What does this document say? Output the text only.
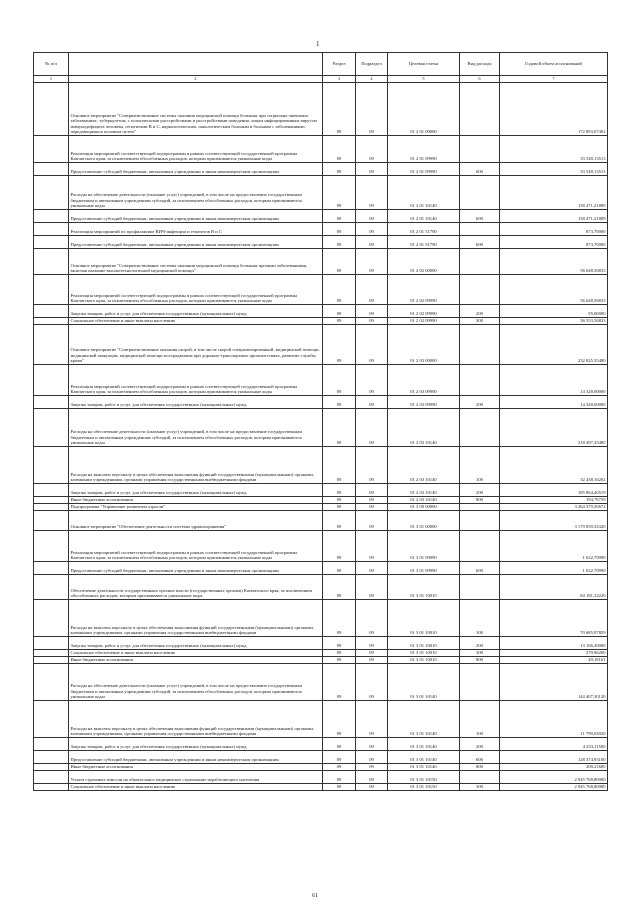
1
№ п/п		Раздел	Подраздел	Целевая статья	Вид расхода	Годовой объем ассигнований
1	2	3	4	5	6	7
	Основное мероприятие "Совершенствование системы оказания медицинской помощи больным при социально-значимых заболеваниях: туберкулезом, с психическими расстройствами и расстройствами поведения, лицам инфицированным вирусом иммунодефицита человека, гепатитами В и С, наркологическим, онкологическим больным и больным с заболеваниями, передающимися половым путем"	09	09	01 2 01 00000		172 893,07402
	Реализация мероприятий соответствующей подпрограммы в рамках соответствующей государственной программы Камчатского края, за исключением обособленных расходов, которым присваиваются уникальные коды	09	09	01 2 01 09990		33 548,13513
	Предоставление субсидий бюджетным, автономным учреждениям и иным некоммерческим организациям	09	09	01 2 01 09990	600	33 548,13513
	Расходы на обеспечение деятельности (оказание услуг) учреждений, в том числе на предоставление государственным бюджетным и автономным учреждениям субсидий, за исключением обособленных расходов, которым присваиваются уникальные коды	09	09	01 2 01 10140		158 471,21889
	Предоставление субсидий бюджетным, автономным учреждениям и иным некоммерческим организациям	09	09	01 2 01 10140	600	158 471,21889
	Реализация мероприятий по профилактике ВИЧ-инфекции и гепатитов В и С	09	09	01 2 01 51790		873,70000
	Предоставление субсидий бюджетным, автономным учреждениям и иным некоммерческим организациям	09	09	01 2 01 51790	600	873,70000
	Основное мероприятие "Совершенствование системы оказания медицинской помощи больным прочими заболеваниями, включая оказание высокотехнологичной медицинской помощи"	09	09	01 2 02 00000		56 648,56833
	Реализация мероприятий соответствующей подпрограммы в рамках соответствующей государственной программы Камчатского края, за исключением обособленных расходов, которым присваиваются уникальные коды	09	09	01 2 02 09990		56 648,56833
	Закупка товаров, работ и услуг для обеспечения государственных (муниципальных) нужд	09	09	01 2 02 09990	200	95,00000
	Социальное обеспечение и иные выплаты населению	09	09	01 2 02 09990	300	56 553,56833
	Основное мероприятие "Совершенствование оказания скорой, в том числе скорой специализированной, медицинской помощи, медицинской эвакуации, медицинской помощи пострадавшим при дорожно-транспортных происшествиях, развитие службы крови"	09	09	01 2 03 00000		232 825,35480
	Реализация мероприятий соответствующей подпрограммы в рамках соответствующей государственной программы Камчатского края, за исключением обособленных расходов, которым присваиваются уникальные коды	09	09	01 2 03 09990		14 328,00000
	Закупка товаров, работ и услуг для обеспечения государственных (муниципальных) нужд	09	09	01 2 03 09990	200	14 328,00000
	Расходы на обеспечение деятельности (оказание услуг) учреждений, в том числе на предоставление государственным бюджетным и автономным учреждениям субсидий, за исключением обособленных расходов, которым присваиваются уникальные коды	09	09	01 2 03 10140		218 497,35480
	Расходы на выплаты персоналу в целях обеспечения выполнения функций государственными (муниципальными) органами, казенными учреждениями, органами управления государственными внебюджетными фондами	09	09	01 2 03 10140	100	32 438,16202
	Закупка товаров, работ и услуг для обеспечения государственных (муниципальных) нужд	09	09	01 2 03 10140	200	185 864,40519
	Иные бюджетные ассигнования	09	09	01 2 03 10140	800	194,78759
	Подпрограмма "Управление развитием отрасли"	09	09	01 3 00 00000		3 264 379,50672
	Основное мероприятие "Обеспечение деятельности системы здравоохранения"	09	09	01 3 01 00000		3 179 839,33320
	Реализация мероприятий соответствующей подпрограммы в рамках соответствующей государственной программы Камчатского края, за исключением обособленных расходов, которым присваиваются уникальные коды	09	09	01 3 01 09990		1 632,70990
	Предоставление субсидий бюджетным, автономным учреждениям и иным некоммерческим организациям	09	09	01 3 01 09990	600	1 632,70990
	Обеспечение деятельности государственных органов власти (государственных органов) Камчатского края, за исключением обособленных расходов, которым присваиваются уникальные коды	09	09	01 3 01 10010		84 181,32220
	Расходы на выплаты персоналу в целях обеспечения выполнения функций государственными (муниципальными) органами, казенными учреждениями, органами управления государственными внебюджетными фондами	09	09	01 3 01 10010	100	70 685,87859
	Закупка товаров, работ и услуг для обеспечения государственных (муниципальных) нужд	09	09	01 3 01 10010	200	13 166,30000
	Социальное обеспечение и иные выплаты населению	09	09	01 3 01 10010	300	279,96200
	Иные бюджетные ассигнования	09	09	01 3 01 10010	800	49,18161
	Расходы на обеспечение деятельности (оказание услуг) учреждений, в том числе на предоставление государственным бюджетным и автономным учреждениям субсидий, за исключением обособленных расходов, которым присваиваются уникальные коды	09	09	01 3 01 10140		144 407,30120
	Расходы на выплаты персоналу в целях обеспечения выполнения функций государственными (муниципальными) органами, казенными учреждениями, органами управления государственными внебюджетными фондами	09	09	01 3 01 10140	100	11 799,03920
	Закупка товаров, работ и услуг для обеспечения государственных (муниципальных) нужд	09	09	01 3 01 10140	200	4 233,11500
	Предоставление субсидий бюджетным, автономным учреждениям и иным некоммерческим организациям	09	09	01 3 01 10140	600	128 374,93100
	Иные бюджетные ассигнования	09	09	01 3 01 10140	800	200,21600
	Уплата страховых взносов на обязательное медицинское страхование неработающего населения	09	09	01 3 01 10150		2 945 768,80000
	Социальное обеспечение и иные выплаты населению	09	09	01 3 01 10150	300	2 945 768,80000
61
